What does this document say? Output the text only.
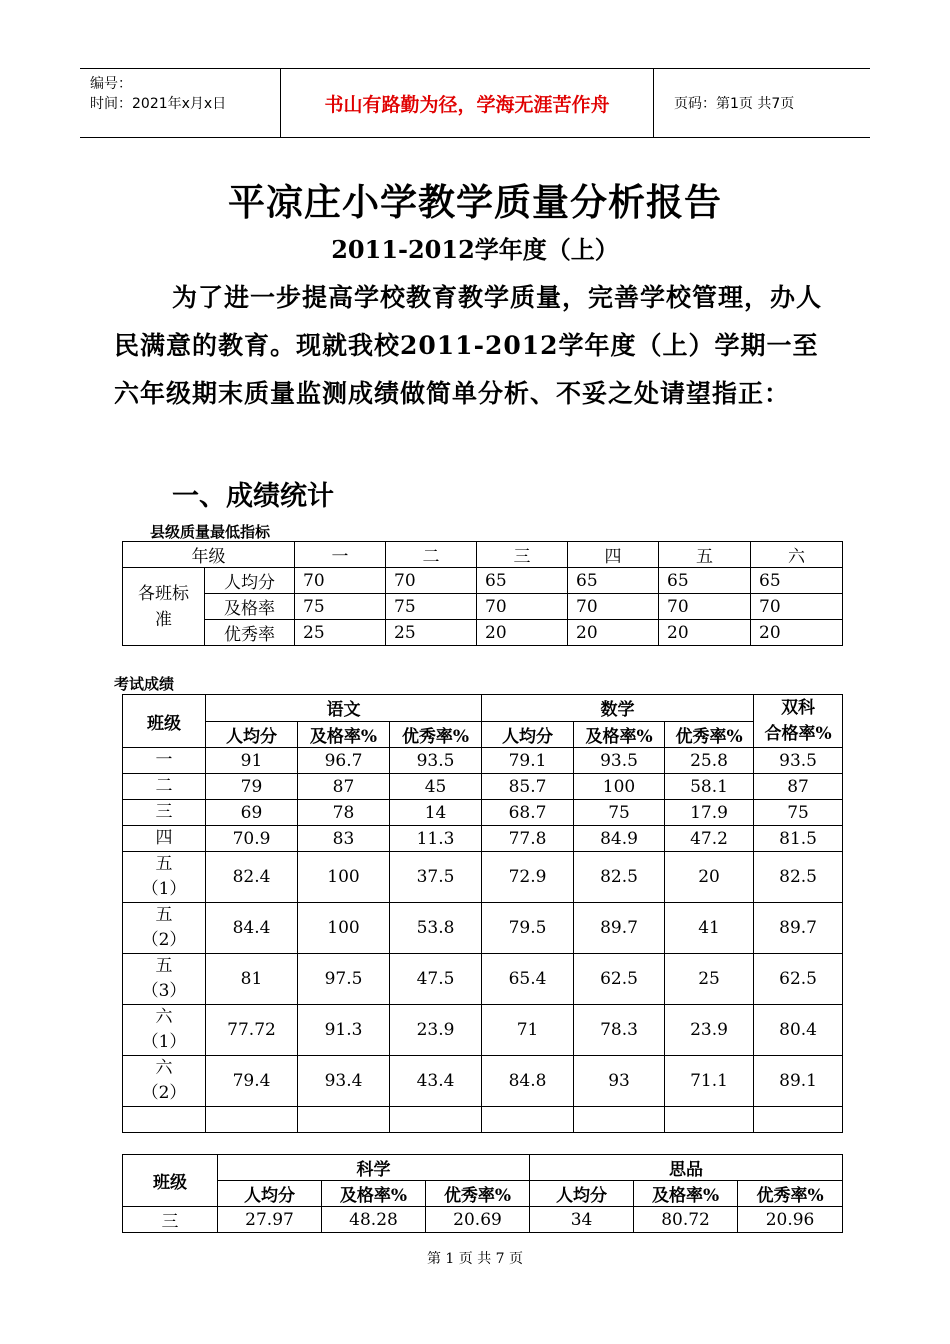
编号：
时间：2021年x月x日	书山有路勤为径，学海无涯苦作舟	页码：第1页 共7页
平凉庄小学教学质量分析报告
2011-2012学年度（上）

为了进一步提高学校教育教学质量，完善学校管理，办人民满意的教育。现就我校2011-2012学年度（上）学期一至六年级期末质量监测成绩做简单分析、不妥之处请望指正：

一、成绩统计
县级质量最低指标
年级		一	二	三	四	五	六
各班标准	人均分	70	70	65	65	65	65
	及格率	75	75	70	70	70	70
	优秀率	25	25	20	20	20	20
考试成绩
班级	语文			数学			双科
合格率%
	人均分	及格率%	优秀率%	人均分	及格率%	优秀率%	
一	91	96.7	93.5	79.1	93.5	25.8	93.5
二	79	87	45	85.7	100	58.1	87
三	69	78	14	68.7	75	17.9	75
四	70.9	83	11.3	77.8	84.9	47.2	81.5
五
（1）	82.4	100	37.5	72.9	82.5	20	82.5
五
（2）	84.4	100	53.8	79.5	89.7	41	89.7
五
（3）	81	97.5	47.5	65.4	62.5	25	62.5
六
（1）	77.72	91.3	23.9	71	78.3	23.9	80.4
六
（2）	79.4	93.4	43.4	84.8	93	71.1	89.1

班级	科学			思品		
	人均分	及格率%	优秀率%	人均分	及格率%	优秀率%
三	27.97	48.28	20.69	34	80.72	20.96
第 1 页 共 7 页
